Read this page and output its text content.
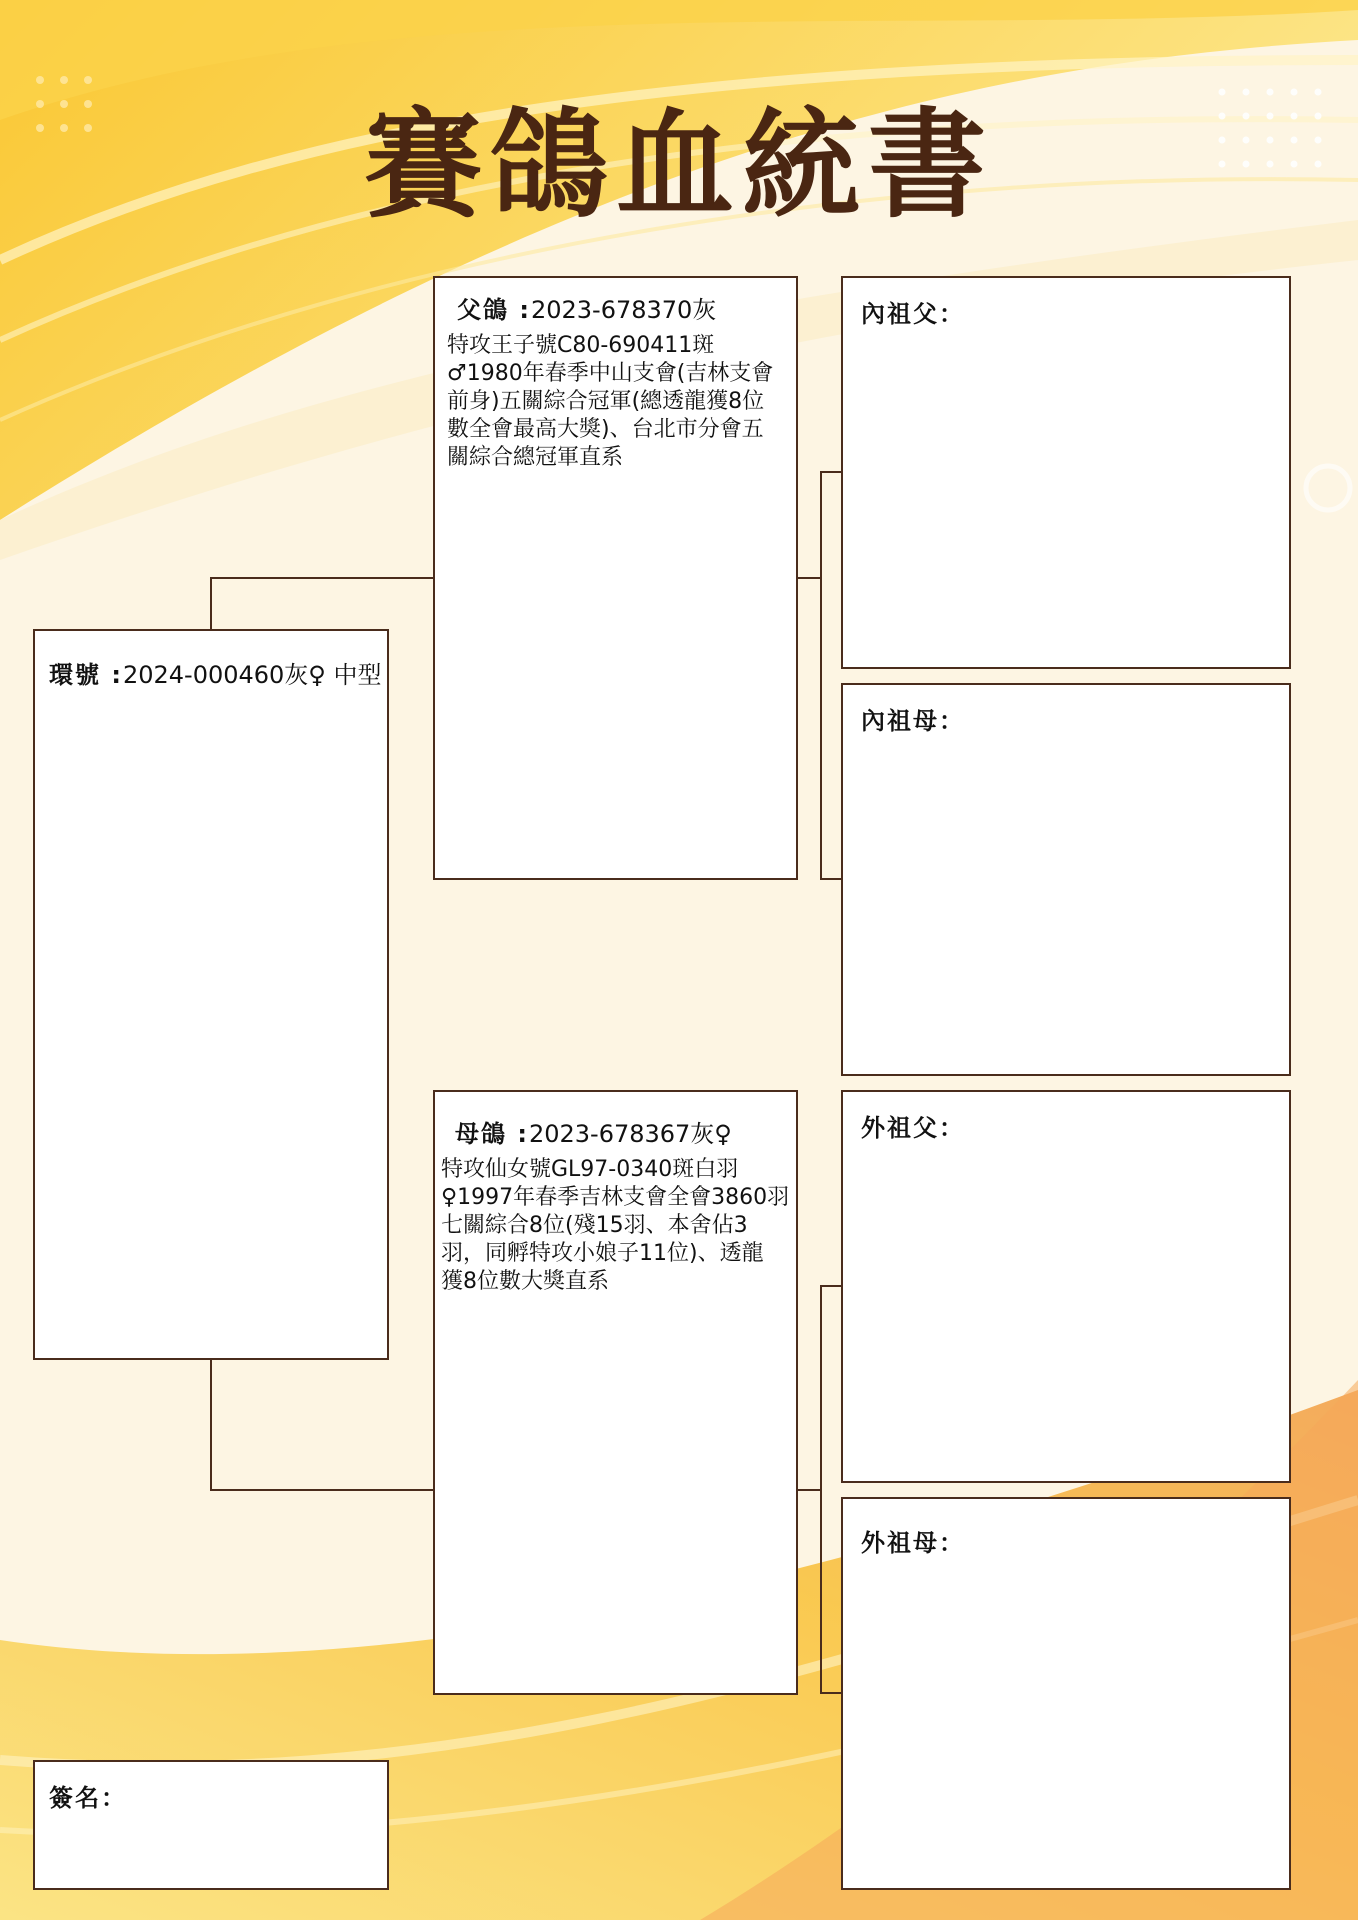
賽鴿血統書
環號 :2024-000460灰♀ 中型
父鴿 :2023-678370灰
特攻王子號C80-690411斑
♂1980年春季中山支會(吉林支會
前身)五關綜合冠軍(總透龍獲8位
數全會最高大獎)、台北市分會五
關綜合總冠軍直系
母鴿 :2023-678367灰♀
特攻仙女號GL97-0340斑白羽
♀1997年春季吉林支會全會3860羽
七關綜合8位(殘15羽、本舍佔3
羽，同孵特攻小娘子11位)、透龍
獲8位數大獎直系
內祖父：
內祖母：
外祖父：
外祖母：
簽名：
